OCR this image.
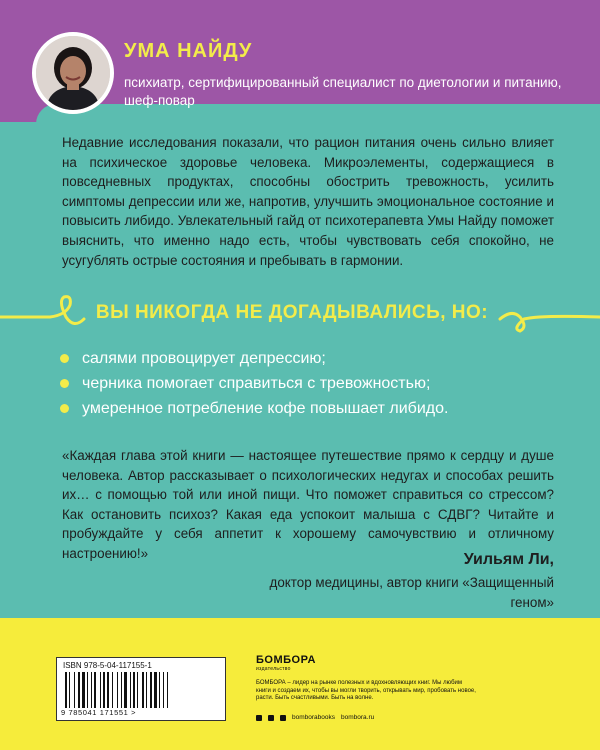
УМА НАЙДУ
психиатр, сертифицированный специалист по диетологии и питанию, шеф-повар

Недавние исследования показали, что рацион питания очень сильно влияет на психическое здоровье человека. Микроэлементы, содержащиеся в повседневных продуктах, способны обострить тревожность, усилить симптомы депрессии или же, напротив, улучшить эмоциональное состояние и повысить либидо. Увлекательный гайд от психотерапевта Умы Найду поможет выяснить, что именно надо есть, чтобы чувствовать себя спокойно, не усугублять острые состояния и пребывать в гармонии.

ВЫ НИКОГДА НЕ ДОГАДЫВАЛИСЬ, НО:
салями провоцирует депрессию;
черника помогает справиться с тревожностью;
умеренное потребление кофе повышает либидо.

«Каждая глава этой книги — настоящее путешествие прямо к сердцу и душе человека. Автор рассказывает о психологических недугах и способах решить их… с помощью той или иной пищи. Что поможет справиться со стрессом? Как остановить психоз? Какая еда успокоит малыша с СДВГ? Читайте и пробуждайте у себя аппетит к хорошему самочувствию и отличному настроению!»	Уильям Ли,
доктор медицины, автор книги «Защищенный геном»
ISBN 978-5-04-117155-1
9 785041 171551 >
БОМБОРА
издательство
БОМБОРА – лидер на рынке полезных и вдохновляющих книг. Мы любим книги и создаем их, чтобы вы могли творить, открывать мир, пробовать новое, расти. Быть счастливыми. Быть на волне.
bomborabooks bombora.ru
